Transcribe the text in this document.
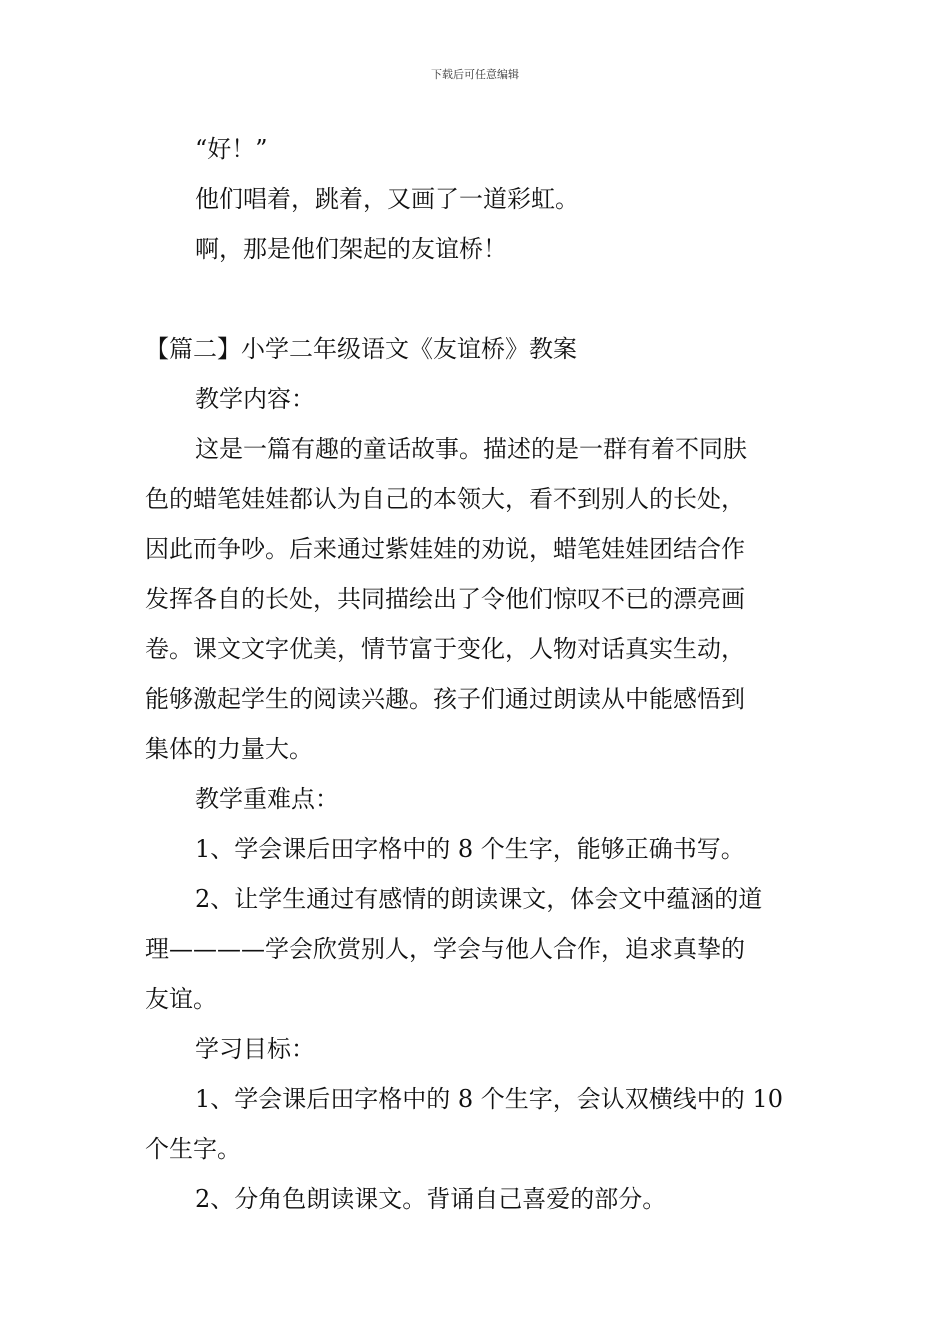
下载后可任意编辑
“好！”
他们唱着，跳着，又画了一道彩虹。
啊，那是他们架起的友谊桥！
【篇二】小学二年级语文《友谊桥》教案
教学内容：
这是一篇有趣的童话故事。描述的是一群有着不同肤
色的蜡笔娃娃都认为自己的本领大，看不到别人的长处，
因此而争吵。后来通过紫娃娃的劝说，蜡笔娃娃团结合作
发挥各自的长处，共同描绘出了令他们惊叹不已的漂亮画
卷。课文文字优美，情节富于变化，人物对话真实生动，
能够激起学生的阅读兴趣。孩子们通过朗读从中能感悟到
集体的力量大。
教学重难点：
1、学会课后田字格中的 8 个生字，能够正确书写。
2、让学生通过有感情的朗读课文，体会文中蕴涵的道
理————学会欣赏别人，学会与他人合作，追求真挚的
友谊。
学习目标：
1、学会课后田字格中的 8 个生字，会认双横线中的 10
个生字。
2、分角色朗读课文。背诵自己喜爱的部分。
